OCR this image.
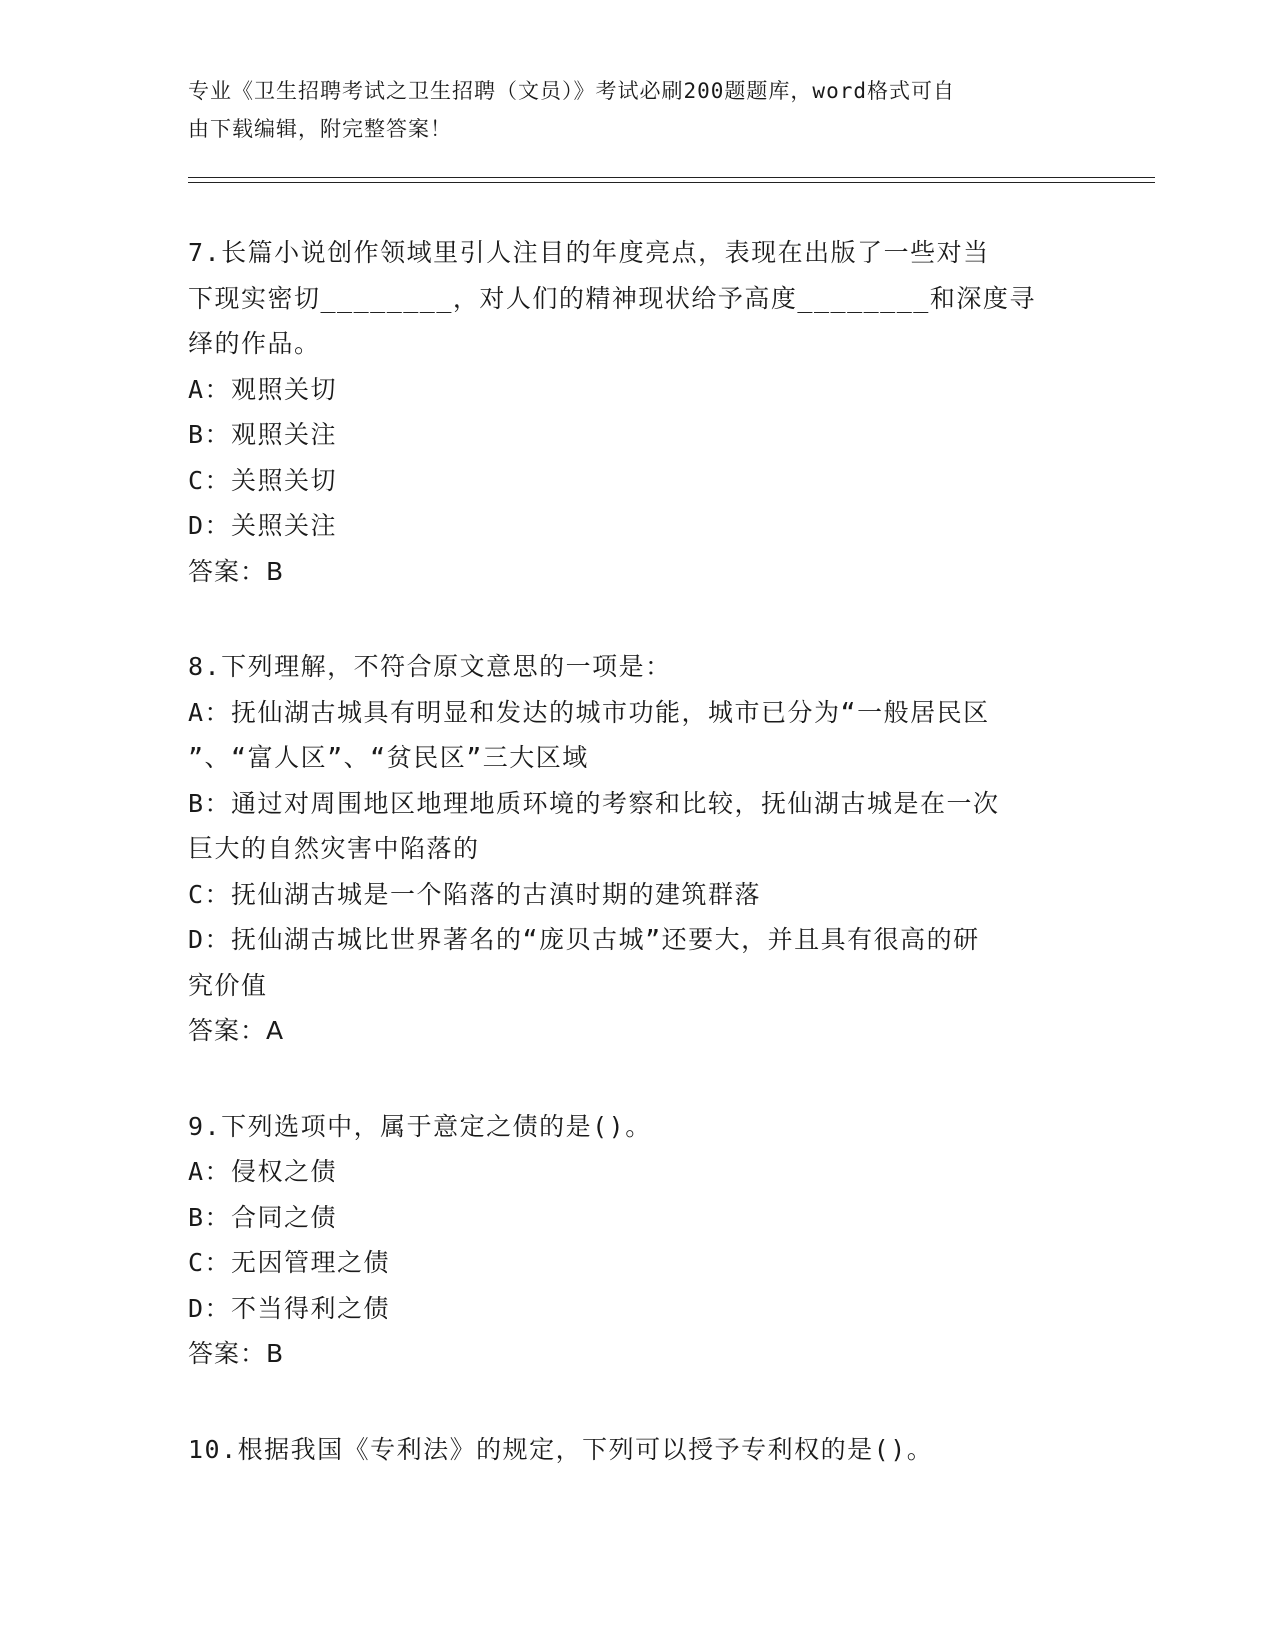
专业《卫生招聘考试之卫生招聘（文员）》考试必刷200题题库，word格式可自
由下载编辑，附完整答案！
7.长篇小说创作领域里引人注目的年度亮点，表现在出版了一些对当
下现实密切________，对人们的精神现状给予高度________和深度寻
绎的作品。
A：观照关切
B：观照关注
C：关照关切
D：关照关注
答案：B
8.下列理解，不符合原文意思的一项是：
A：抚仙湖古城具有明显和发达的城市功能，城市已分为“一般居民区
”、“富人区”、“贫民区”三大区域
B：通过对周围地区地理地质环境的考察和比较，抚仙湖古城是在一次
巨大的自然灾害中陷落的
C：抚仙湖古城是一个陷落的古滇时期的建筑群落
D：抚仙湖古城比世界著名的“庞贝古城”还要大，并且具有很高的研
究价值
答案：A
9.下列选项中，属于意定之债的是()。
A：侵权之债
B：合同之债
C：无因管理之债
D：不当得利之债
答案：B
10.根据我国《专利法》的规定，下列可以授予专利权的是()。
